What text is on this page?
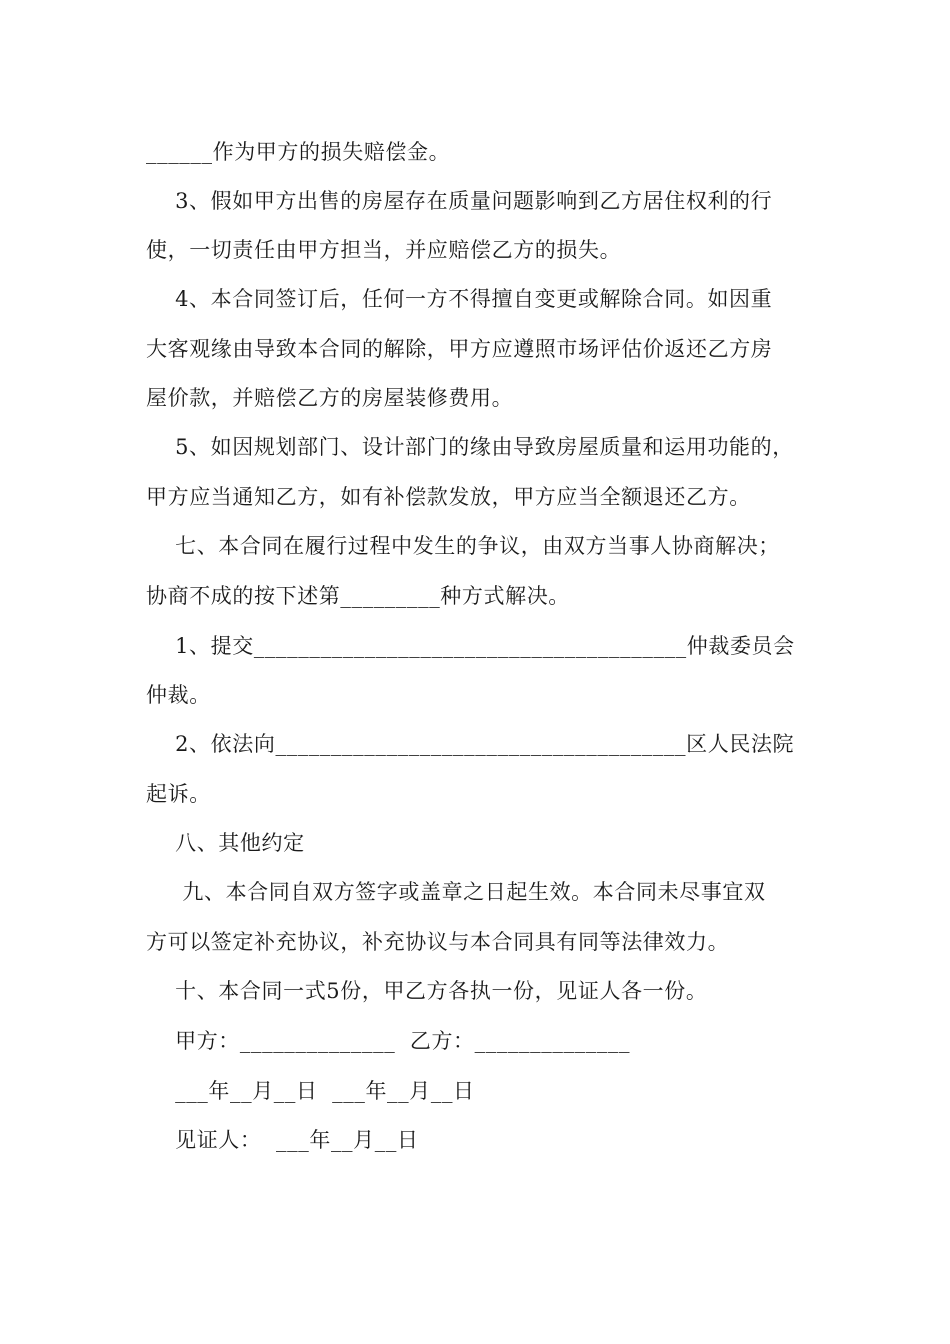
______作为甲方的损失赔偿金。
3、假如甲方出售的房屋存在质量问题影响到乙方居住权利的行
使，一切责任由甲方担当，并应赔偿乙方的损失。
4、本合同签订后，任何一方不得擅自变更或解除合同。如因重
大客观缘由导致本合同的解除，甲方应遵照市场评估价返还乙方房
屋价款，并赔偿乙方的房屋装修费用。
5、如因规划部门、设计部门的缘由导致房屋质量和运用功能的，
甲方应当通知乙方，如有补偿款发放，甲方应当全额退还乙方。
七、本合同在履行过程中发生的争议，由双方当事人协商解决；
协商不成的按下述第_________种方式解决。
1、提交_______________________________________仲裁委员会
仲裁。
2、依法向_____________________________________区人民法院
起诉。
八、其他约定
九、本合同自双方签字或盖章之日起生效。本合同未尽事宜双
方可以签定补充协议，补充协议与本合同具有同等法律效力。
十、本合同一式5份，甲乙方各执一份，见证人各一份。
甲方：______________  乙方：______________
___年__月__日  ___年__月__日
见证人：  ___年__月__日
